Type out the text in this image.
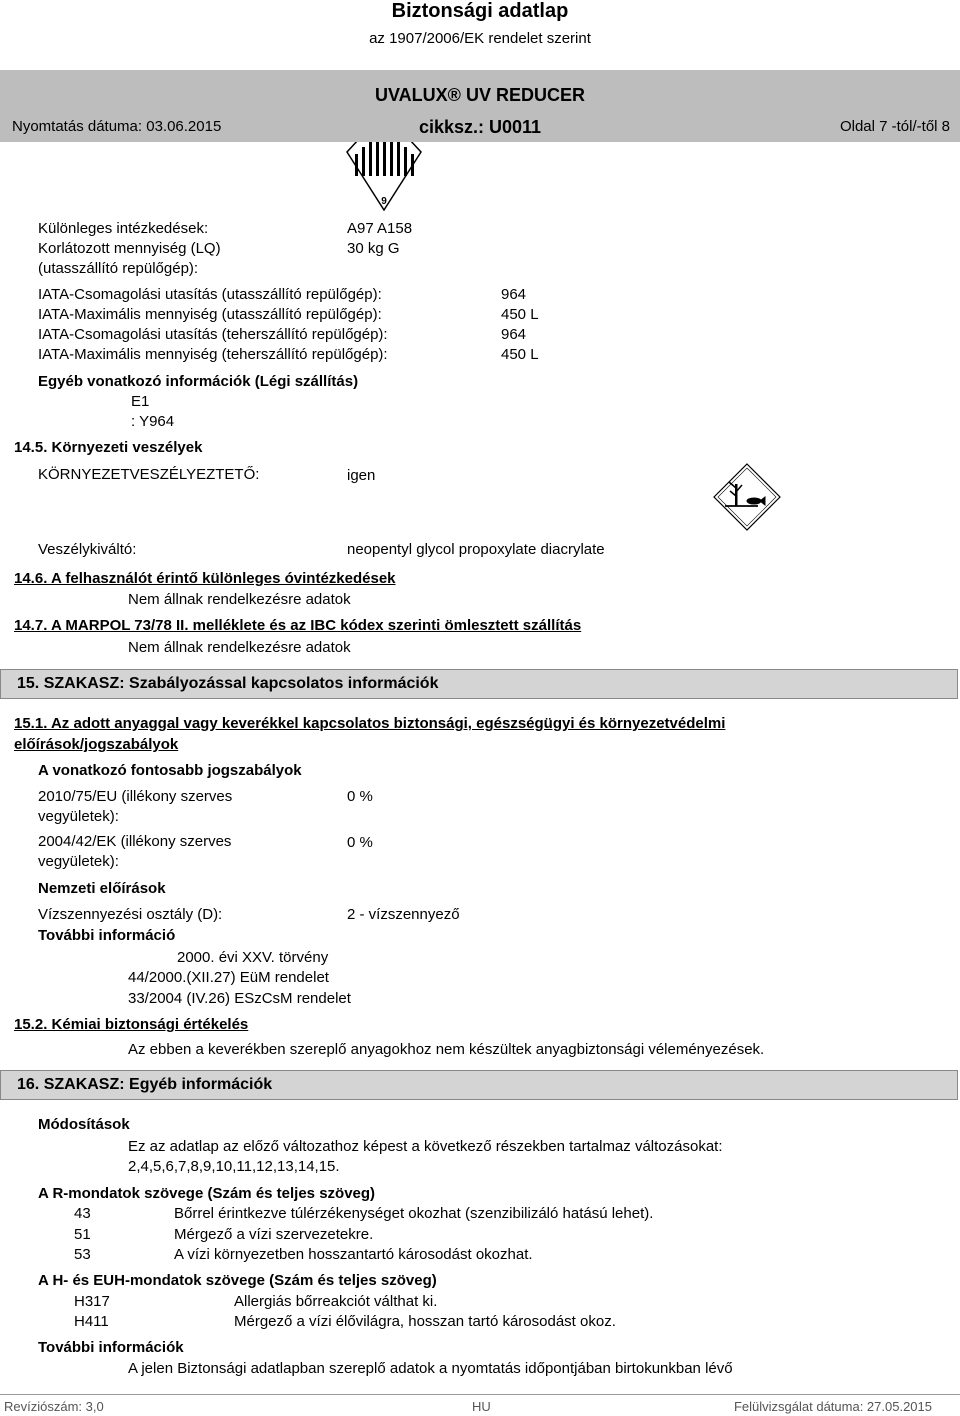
Biztonsági adatlap
az 1907/2006/EK rendelet szerint
UVALUX® UV REDUCER
Nyomtatás dátuma: 03.06.2015	cikksz.: U0011	Oldal 7 -tól/-től 8
9
Különleges intézkedések:	A97 A158
Korlátozott mennyiség (LQ)	30 kg G
(utasszállító repülőgép):
IATA-Csomagolási utasítás (utasszállító repülőgép):	964
IATA-Maximális mennyiség (utasszállító repülőgép):	450 L
IATA-Csomagolási utasítás (teherszállító repülőgép):	964
IATA-Maximális mennyiség (teherszállító repülőgép):	450 L
Egyéb vonatkozó információk (Légi szállítás)
E1
: Y964
14.5. Környezeti veszélyek
KÖRNYEZETVESZÉLYEZTETŐ:	igen
Veszélykiváltó:	neopentyl glycol propoxylate diacrylate
14.6. A felhasználót érintő különleges óvintézkedések
Nem állnak rendelkezésre adatok
14.7. A MARPOL 73/78 II. melléklete és az IBC kódex szerinti ömlesztett szállítás
Nem állnak rendelkezésre adatok
15. SZAKASZ: Szabályozással kapcsolatos információk
15.1. Az adott anyaggal vagy keverékkel kapcsolatos biztonsági, egészségügyi és környezetvédelmi
előírások/jogszabályok
A vonatkozó fontosabb jogszabályok
2010/75/EU (illékony szerves	0 %
vegyületek):
2004/42/EK (illékony szerves	0 %
vegyületek):
Nemzeti előírások
Vízszennyezési osztály (D):	2 - vízszennyező
További információ
2000. évi XXV. törvény
44/2000.(XII.27) EüM rendelet
33/2004 (IV.26) ESzCsM rendelet
15.2. Kémiai biztonsági értékelés
Az ebben a keverékben szereplő anyagokhoz nem készültek anyagbiztonsági véleményezések.
16. SZAKASZ: Egyéb információk
Módosítások
Ez az adatlap az előző változathoz képest a következő részekben tartalmaz változásokat:
2,4,5,6,7,8,9,10,11,12,13,14,15.
A R-mondatok szövege (Szám és teljes szöveg)
43	Bőrrel érintkezve túlérzékenységet okozhat (szenzibilizáló hatású lehet).
51	Mérgező a vízi szervezetekre.
53	A vízi környezetben hosszantartó károsodást okozhat.
A H- és EUH-mondatok szövege (Szám és teljes szöveg)
H317	Allergiás bőrreakciót válthat ki.
H411	Mérgező a vízi élővilágra, hosszan tartó károsodást okoz.
További információk
A jelen Biztonsági adatlapban szereplő adatok a nyomtatás időpontjában birtokunkban lévő
Revíziószám: 3,0	HU	Felülvizsgálat dátuma: 27.05.2015
